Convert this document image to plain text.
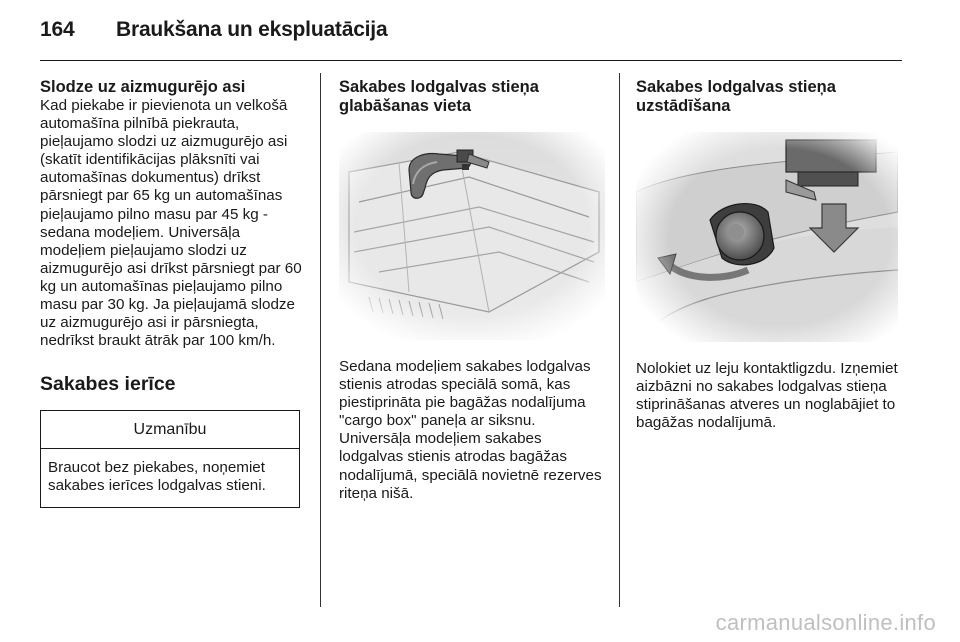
164 Braukšana un ekspluatācija
Slodze uz aizmugurējo asi

Kad piekabe ir pievienota un velkošā automašīna pilnībā piekrauta, pieļaujamo slodzi uz aizmugurējo asi (skatīt identifikācijas plāksnīti vai automašīnas dokumentus) drīkst pārsniegt par 65 kg un automašīnas pieļaujamo pilno masu par 45 kg - sedana modeļiem. Universāļa modeļiem pieļaujamo slodzi uz aizmugurējo asi drīkst pārsniegt par 60 kg un automašīnas pieļaujamo pilno masu par 30 kg. Ja pieļaujamā slodze uz aizmugurējo asi ir pārsniegta, nedrīkst braukt ātrāk par 100 km/h.

Sakabes ierīce
Uzmanību
Braucot bez piekabes, noņemiet sakabes ierīces lodgalvas stieni.
Sakabes lodgalvas stieņa glabāšanas vieta

Sedana modeļiem sakabes lodgalvas stienis atrodas speciālā somā, kas piestiprināta pie bagāžas nodalījuma "cargo box" paneļa ar siksnu. Universāļa modeļiem sakabes lodgalvas stienis atrodas bagāžas nodalījumā, speciālā novietnē rezerves riteņa nišā.

Sakabes lodgalvas stieņa uzstādīšana

Nolokiet uz leju kontaktligzdu. Izņemiet aizbāzni no sakabes lodgalvas stieņa stiprināšanas atveres un noglabājiet to bagāžas nodalījumā.

carmanualsonline.info
